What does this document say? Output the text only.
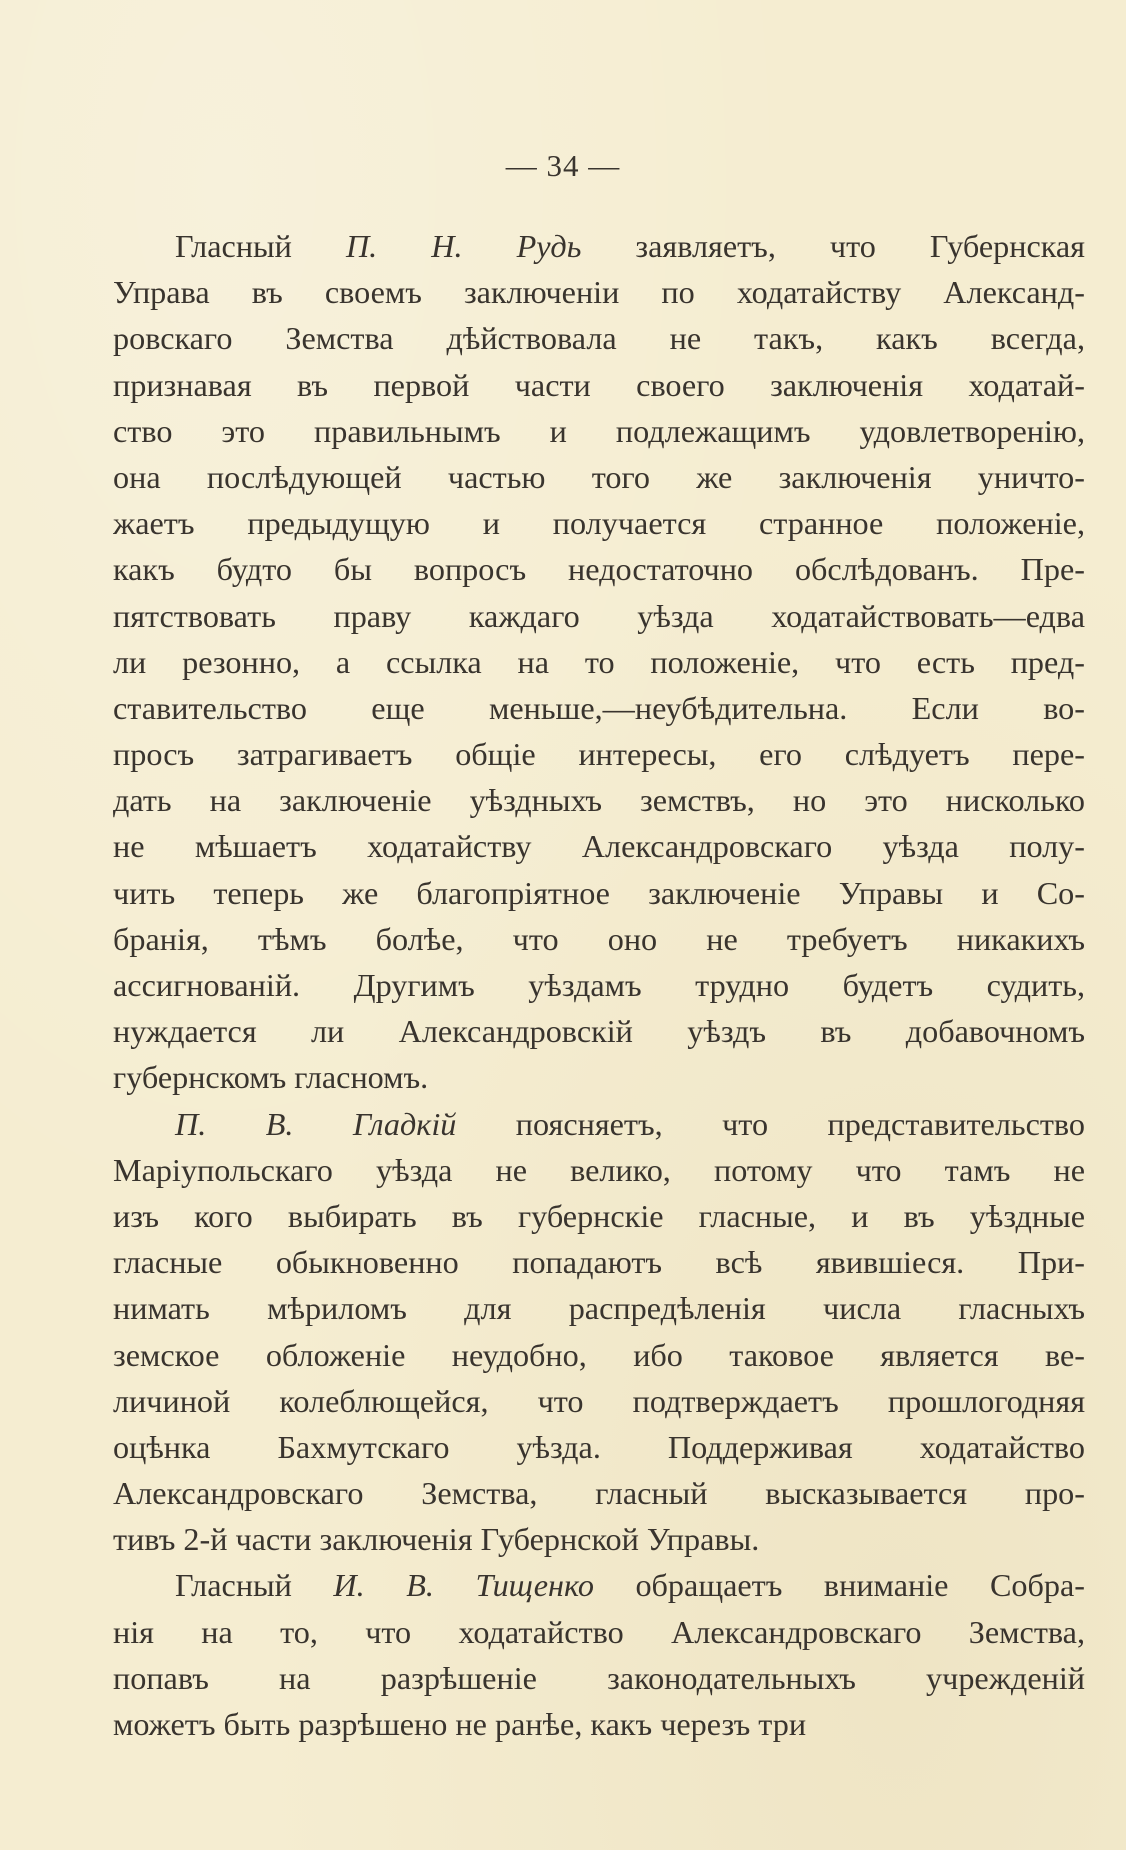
— 34 —
Гласный П. Н. Рудь заявляетъ, что Губернская
Управа въ своемъ заключеніи по ходатайству Александ-
ровскаго Земства дѣйствовала не такъ, какъ всегда,
признавая въ первой части своего заключенія ходатай-
ство это правильнымъ и подлежащимъ удовлетворенію,
она послѣдующей частью того же заключенія уничто-
жаетъ предыдущую и получается странное положеніе,
какъ будто бы вопросъ недостаточно обслѣдованъ. Пре-
пятствовать праву каждаго уѣзда ходатайствовать—едва
ли резонно, а ссылка на то положеніе, что есть пред-
ставительство еще меньше,—неубѣдительна. Если во-
просъ затрагиваетъ общіе интересы, его слѣдуетъ пере-
дать на заключеніе уѣздныхъ земствъ, но это нисколько
не мѣшаетъ ходатайству Александровскаго уѣзда полу-
чить теперь же благопріятное заключеніе Управы и Со-
бранія, тѣмъ болѣе, что оно не требуетъ никакихъ
ассигнованій. Другимъ уѣздамъ трудно будетъ судить,
нуждается ли Александровскій уѣздъ въ добавочномъ
губернскомъ гласномъ.
П. В. Гладкій поясняетъ, что представительство
Маріупольскаго уѣзда не велико, потому что тамъ не
изъ кого выбирать въ губернскіе гласные, и въ уѣздные
гласные обыкновенно попадаютъ всѣ явившіеся. При-
нимать мѣриломъ для распредѣленія числа гласныхъ
земское обложеніе неудобно, ибо таковое является ве-
личиной колеблющейся, что подтверждаетъ прошлогодняя
оцѣнка Бахмутскаго уѣзда. Поддерживая ходатайство
Александровскаго Земства, гласный высказывается про-
тивъ 2-й части заключенія Губернской Управы.
Гласный И. В. Тищенко обращаетъ вниманіе Собра-
нія на то, что ходатайство Александровскаго Земства,
попавъ на разрѣшеніе законодательныхъ учрежденій
можетъ быть разрѣшено не ранѣе, какъ черезъ три
